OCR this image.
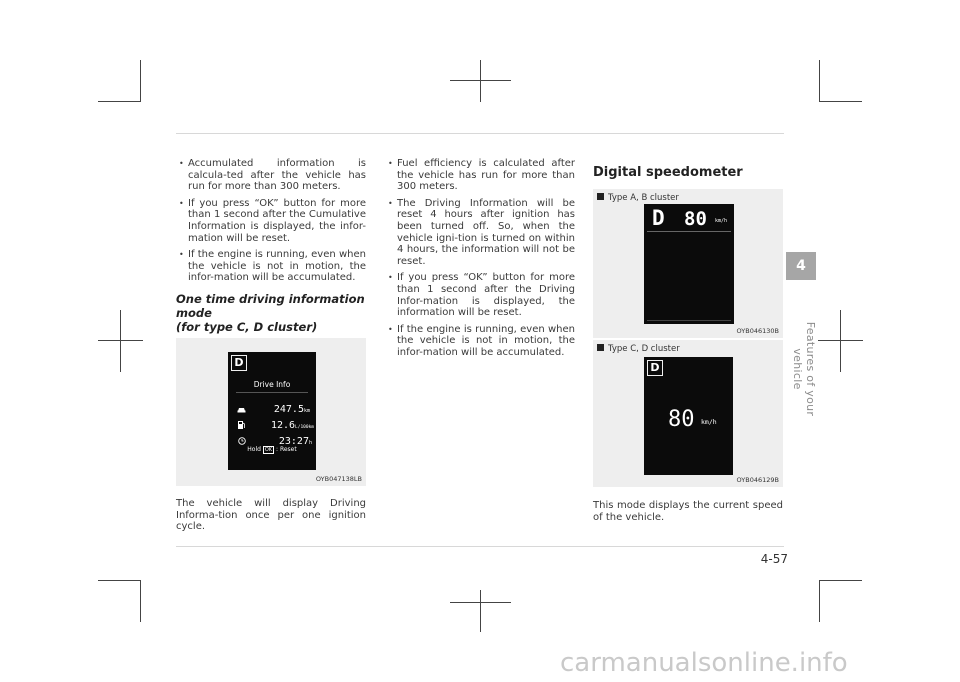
• Accumulated information is calcula-ted after the vehicle has run for more than 300 meters.
• If you press “OK” button for more than 1 second after the Cumulative Information is displayed, the infor-mation will be reset.
• If the engine is running, even when the vehicle is not in motion, the infor-mation will be accumulated.
One time driving information mode
(for type C, D cluster)
D
Drive Info
247.5km
12.6L/100km
23:27h
Hold OK : Reset
OYB047138LB

The vehicle will display Driving Informa-tion once per one ignition cycle.

• Fuel efficiency is calculated after the vehicle has run for more than 300 meters.
• The Driving Information will be reset 4 hours after ignition has been turned off. So, when the vehicle igni-tion is turned on within 4 hours, the information will not be reset.
• If you press “OK” button for more than 1 second after the Driving Infor-mation is displayed, the information will be reset.
• If the engine is running, even when the vehicle is not in motion, the infor-mation will be accumulated.
Digital speedometer
Type A, B cluster
D 80 km/h
OYB046130B
Type C, D cluster
D
80 km/h
OYB046129B

This mode displays the current speed of the vehicle.

4
Features of your vehicle
4-57
carmanualsonline.info
